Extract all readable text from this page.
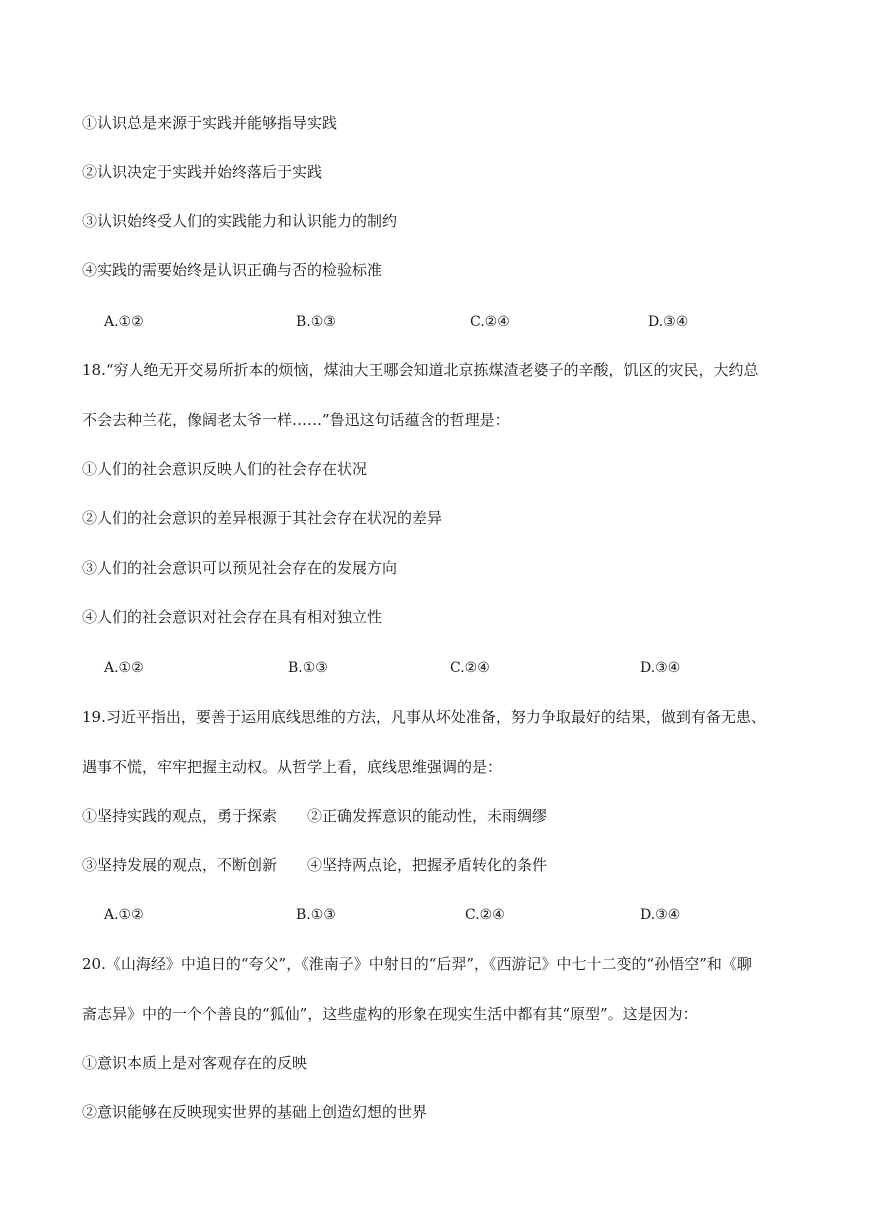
①认识总是来源于实践并能够指导实践
②认识决定于实践并始终落后于实践
③认识始终受人们的实践能力和认识能力的制约
④实践的需要始终是认识正确与否的检验标准
A.①②	B.①③	C.②④	D.③④
18.“穷人绝无开交易所折本的烦恼，煤油大王哪会知道北京拣煤渣老婆子的辛酸，饥区的灾民，大约总
不会去种兰花，像阔老太爷一样……”鲁迅这句话蕴含的哲理是：
①人们的社会意识反映人们的社会存在状况
②人们的社会意识的差异根源于其社会存在状况的差异
③人们的社会意识可以预见社会存在的发展方向
④人们的社会意识对社会存在具有相对独立性
A.①②	B.①③	C.②④	D.③④
19.习近平指出，要善于运用底线思维的方法，凡事从坏处准备，努力争取最好的结果，做到有备无患、
遇事不慌，牢牢把握主动权。从哲学上看，底线思维强调的是：
①坚持实践的观点，勇于探索　　②正确发挥意识的能动性，未雨绸缪
③坚持发展的观点，不断创新　　④坚持两点论，把握矛盾转化的条件
A.①②	B.①③	C.②④	D.③④
20.《山海经》中追日的“夸父”，《淮南子》中射日的“后羿”，《西游记》中七十二变的“孙悟空”和《聊
斋志异》中的一个个善良的“狐仙”，这些虚构的形象在现实生活中都有其“原型”。这是因为：
①意识本质上是对客观存在的反映
②意识能够在反映现实世界的基础上创造幻想的世界
